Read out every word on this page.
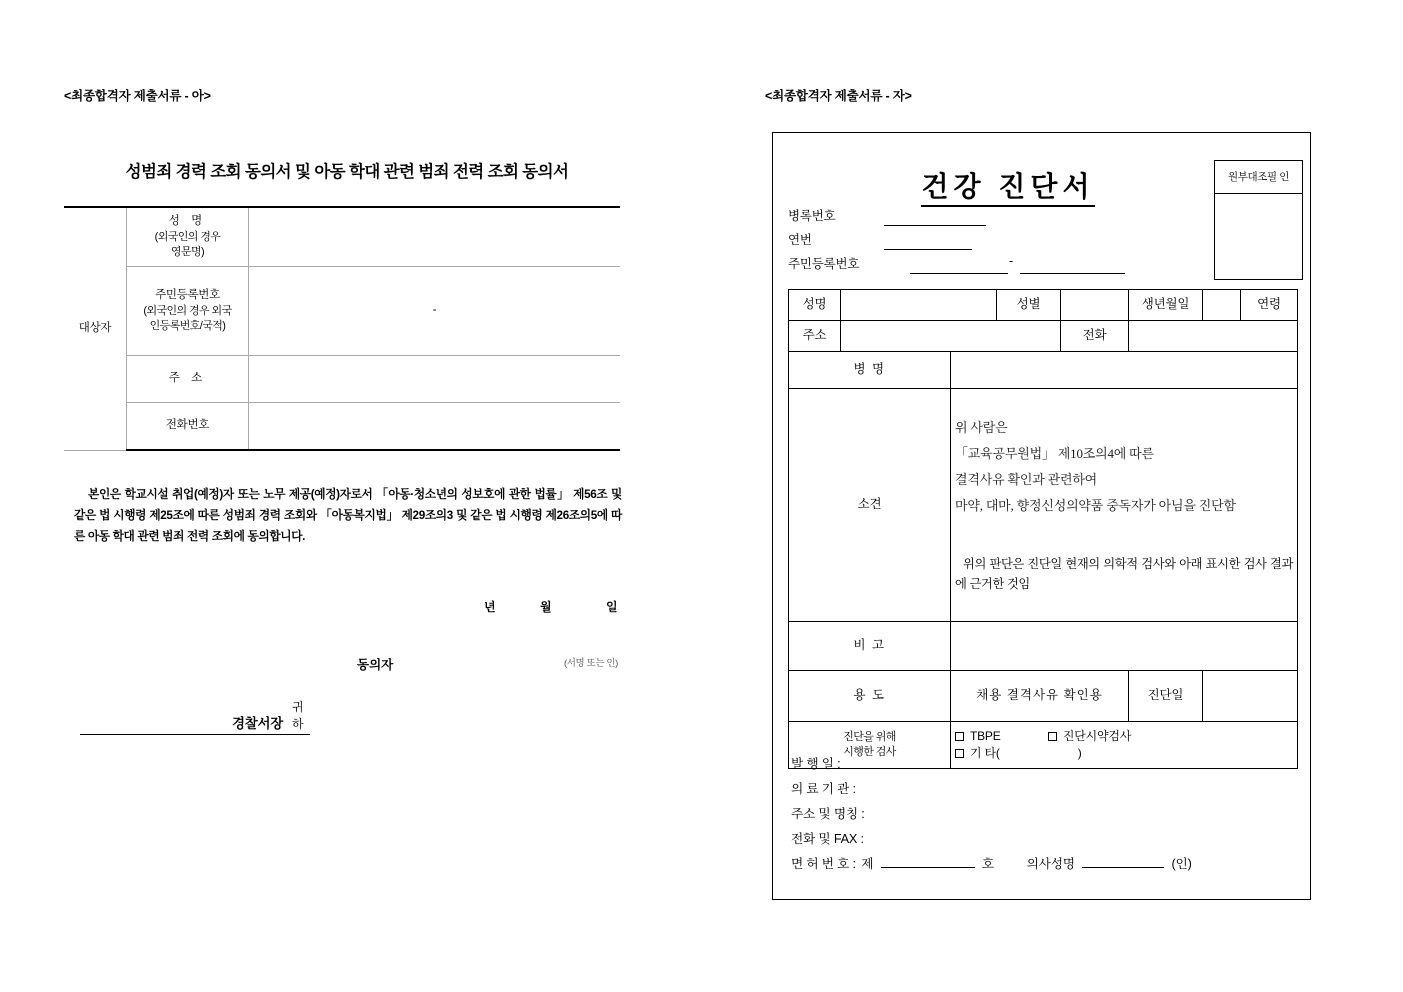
<최종합격자 제출서류 - 아>
성범죄 경력 조회 동의서 및 아동 학대 관련 범죄 전력 조회 동의서
대상자	성 명
(외국인의 경우
영문명)	

	주민등록번호
(외국인의 경우 외국
인등록번호/국적)	-
	주 소	
	전화번호	
본인은 학교시설 취업(예정)자 또는 노무 제공(예정)자로서 「아동·청소년의 성보호에 관한 법률」 제56조 및 같은 법 시행령 제25조에 따른 성범죄 경력 조회와 「아동복지법」 제29조의3 및 같은 법 시행령 제26조의5에 따른 아동 학대 관련 범죄 전력 조회에 동의합니다.
년	월	일
동의자	(서명 또는 인)
경찰서장
귀하
<최종합격자 제출서류 - 자>
건강 진단서	원부대조필 인
병록번호
연번
주민등록번호	-
성명			성별		생년월일		연령	
주소				전화				
병 명								
소견		위 사람은
「교육공무원법」 제10조의4에 따른
결격사유 확인과 관련하여
마약, 대마, 향정신성의약품 중독자가 아님을 진단함
위의 판단은 진단일 현재의 의학적 검사와 아래 표시한 검사 결과에 근거한 것임						

비 고								
용 도		채용 결격사유 확인용			진단일			
진단을 위해
시행한 검사		TBPE 진단시약검사 기 타( )						
발 행 일 :
의 료 기 관 :
주소 및 명칭 :
전화 및 FAX :
면 허 번 호 : 제	호	의사성명	(인)
